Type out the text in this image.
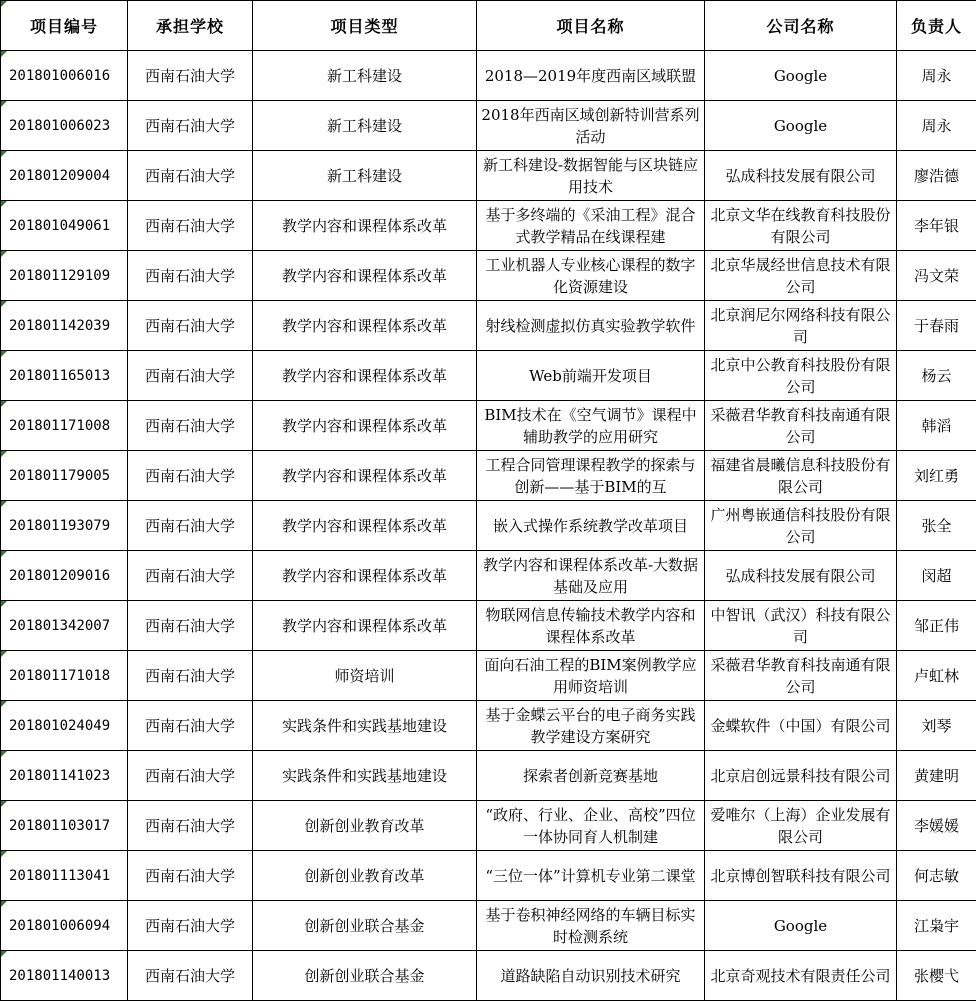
项目编号	承担学校	项目类型	项目名称	公司名称	负责人
201801006016	西南石油大学	新工科建设	2018—2019年度西南区域联盟	Google	周永
201801006023	西南石油大学	新工科建设	2018年西南区域创新特训营系列活动	Google	周永
201801209004	西南石油大学	新工科建设	新工科建设-数据智能与区块链应用技术	弘成科技发展有限公司	廖浩德
201801049061	西南石油大学	教学内容和课程体系改革	基于多终端的《采油工程》混合式教学精品在线课程建	北京文华在线教育科技股份有限公司	李年银
201801129109	西南石油大学	教学内容和课程体系改革	工业机器人专业核心课程的数字化资源建设	北京华晟经世信息技术有限公司	冯文荣
201801142039	西南石油大学	教学内容和课程体系改革	射线检测虚拟仿真实验教学软件	北京润尼尔网络科技有限公司	于春雨
201801165013	西南石油大学	教学内容和课程体系改革	Web前端开发项目	北京中公教育科技股份有限公司	杨云
201801171008	西南石油大学	教学内容和课程体系改革	BIM技术在《空气调节》课程中辅助教学的应用研究	采薇君华教育科技南通有限公司	韩滔
201801179005	西南石油大学	教学内容和课程体系改革	工程合同管理课程教学的探索与创新——基于BIM的互	福建省晨曦信息科技股份有限公司	刘红勇
201801193079	西南石油大学	教学内容和课程体系改革	嵌入式操作系统教学改革项目	广州粤嵌通信科技股份有限公司	张全
201801209016	西南石油大学	教学内容和课程体系改革	教学内容和课程体系改革-大数据基础及应用	弘成科技发展有限公司	闵超
201801342007	西南石油大学	教学内容和课程体系改革	物联网信息传输技术教学内容和课程体系改革	中智讯（武汉）科技有限公司	邹正伟
201801171018	西南石油大学	师资培训	面向石油工程的BIM案例教学应用师资培训	采薇君华教育科技南通有限公司	卢虹林
201801024049	西南石油大学	实践条件和实践基地建设	基于金蝶云平台的电子商务实践教学建设方案研究	金蝶软件（中国）有限公司	刘琴
201801141023	西南石油大学	实践条件和实践基地建设	探索者创新竞赛基地	北京启创远景科技有限公司	黄建明
201801103017	西南石油大学	创新创业教育改革	“政府、行业、企业、高校”四位一体协同育人机制建	爱唯尔（上海）企业发展有限公司	李媛媛
201801113041	西南石油大学	创新创业教育改革	“三位一体”计算机专业第二课堂	北京博创智联科技有限公司	何志敏
201801006094	西南石油大学	创新创业联合基金	基于卷积神经网络的车辆目标实时检测系统	Google	江枭宇
201801140013	西南石油大学	创新创业联合基金	道路缺陷自动识别技术研究	北京奇观技术有限责任公司	张樱弋
